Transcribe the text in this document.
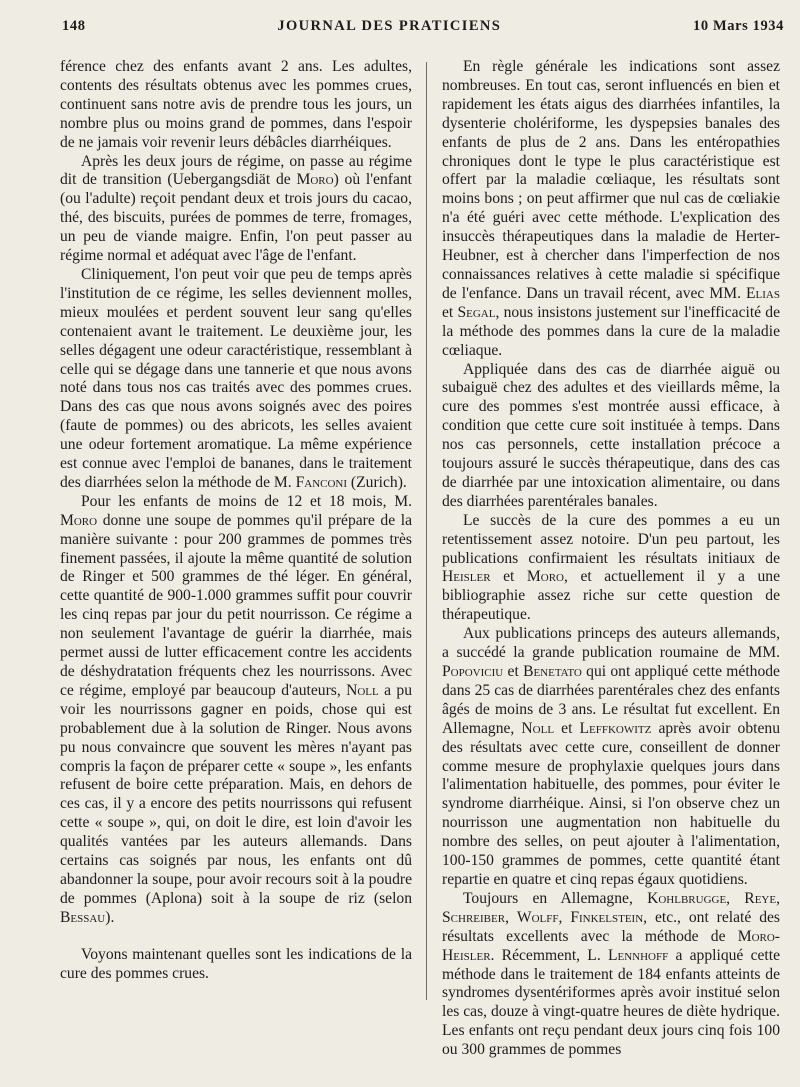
148	JOURNAL DES PRATICIENS	10 Mars 1934

férence chez des enfants avant 2 ans. Les adultes, contents des résultats obtenus avec les pommes crues, continuent sans notre avis de prendre tous les jours, un nombre plus ou moins grand de pommes, dans l'espoir de ne jamais voir revenir leurs débâcles diarrhéiques.

Après les deux jours de régime, on passe au régime dit de transition (Uebergangsdiät de Moro) où l'enfant (ou l'adulte) reçoit pendant deux et trois jours du cacao, thé, des biscuits, purées de pommes de terre, fromages, un peu de viande maigre. Enfin, l'on peut passer au régime normal et adéquat avec l'âge de l'enfant.

Cliniquement, l'on peut voir que peu de temps après l'institution de ce régime, les selles deviennent molles, mieux moulées et perdent souvent leur sang qu'elles contenaient avant le traitement. Le deuxième jour, les selles dégagent une odeur caractéristique, ressemblant à celle qui se dégage dans une tannerie et que nous avons noté dans tous nos cas traités avec des pommes crues. Dans des cas que nous avons soignés avec des poires (faute de pommes) ou des abricots, les selles avaient une odeur fortement aromatique. La même expérience est connue avec l'emploi de bananes, dans le traitement des diarrhées selon la méthode de M. Fanconi (Zurich).

Pour les enfants de moins de 12 et 18 mois, M. Moro donne une soupe de pommes qu'il prépare de la manière suivante : pour 200 grammes de pommes très finement passées, il ajoute la même quantité de solution de Ringer et 500 grammes de thé léger. En général, cette quantité de 900-1.000 grammes suffit pour couvrir les cinq repas par jour du petit nourrisson. Ce régime a non seulement l'avantage de guérir la diarrhée, mais permet aussi de lutter efficacement contre les accidents de déshydratation fréquents chez les nourrissons. Avec ce régime, employé par beaucoup d'auteurs, Noll a pu voir les nourrissons gagner en poids, chose qui est probablement due à la solution de Ringer. Nous avons pu nous convaincre que souvent les mères n'ayant pas compris la façon de préparer cette « soupe », les enfants refusent de boire cette préparation. Mais, en dehors de ces cas, il y a encore des petits nourrissons qui refusent cette « soupe », qui, on doit le dire, est loin d'avoir les qualités vantées par les auteurs allemands. Dans certains cas soignés par nous, les enfants ont dû abandonner la soupe, pour avoir recours soit à la poudre de pommes (Aplona) soit à la soupe de riz (selon Bessau).

Voyons maintenant quelles sont les indications de la cure des pommes crues.

En règle générale les indications sont assez nombreuses. En tout cas, seront influencés en bien et rapidement les états aigus des diarrhées infantiles, la dysenterie cholériforme, les dyspepsies banales des enfants de plus de 2 ans. Dans les entéropathies chroniques dont le type le plus caractéristique est offert par la maladie cœliaque, les résultats sont moins bons ; on peut affirmer que nul cas de cœliakie n'a été guéri avec cette méthode. L'explication des insuccès thérapeutiques dans la maladie de Herter-Heubner, est à chercher dans l'imperfection de nos connaissances relatives à cette maladie si spécifique de l'enfance. Dans un travail récent, avec MM. Elias et Segal, nous insistons justement sur l'inefficacité de la méthode des pommes dans la cure de la maladie cœliaque.

Appliquée dans des cas de diarrhée aiguë ou subaiguë chez des adultes et des vieillards même, la cure des pommes s'est montrée aussi efficace, à condition que cette cure soit instituée à temps. Dans nos cas personnels, cette installation précoce a toujours assuré le succès thérapeutique, dans des cas de diarrhée par une intoxication alimentaire, ou dans des diarrhées parentérales banales.

Le succès de la cure des pommes a eu un retentissement assez notoire. D'un peu partout, les publications confirmaient les résultats initiaux de Heisler et Moro, et actuellement il y a une bibliographie assez riche sur cette question de thérapeutique.

Aux publications princeps des auteurs allemands, a succédé la grande publication roumaine de MM. Popoviciu et Benetato qui ont appliqué cette méthode dans 25 cas de diarrhées parentérales chez des enfants âgés de moins de 3 ans. Le résultat fut excellent. En Allemagne, Noll et Leffkowitz après avoir obtenu des résultats avec cette cure, conseillent de donner comme mesure de prophylaxie quelques jours dans l'alimentation habituelle, des pommes, pour éviter le syndrome diarrhéique. Ainsi, si l'on observe chez un nourrisson une augmentation non habituelle du nombre des selles, on peut ajouter à l'alimentation, 100-150 grammes de pommes, cette quantité étant repartie en quatre et cinq repas égaux quotidiens.

Toujours en Allemagne, Kohlbrugge, Reye, Schreiber, Wolff, Finkelstein, etc., ont relaté des résultats excellents avec la méthode de Moro-Heisler. Récemment, L. Lennhoff a appliqué cette méthode dans le traitement de 184 enfants atteints de syndromes dysentériformes après avoir institué selon les cas, douze à vingt-quatre heures de diète hydrique. Les enfants ont reçu pendant deux jours cinq fois 100 ou 300 grammes de pommes
